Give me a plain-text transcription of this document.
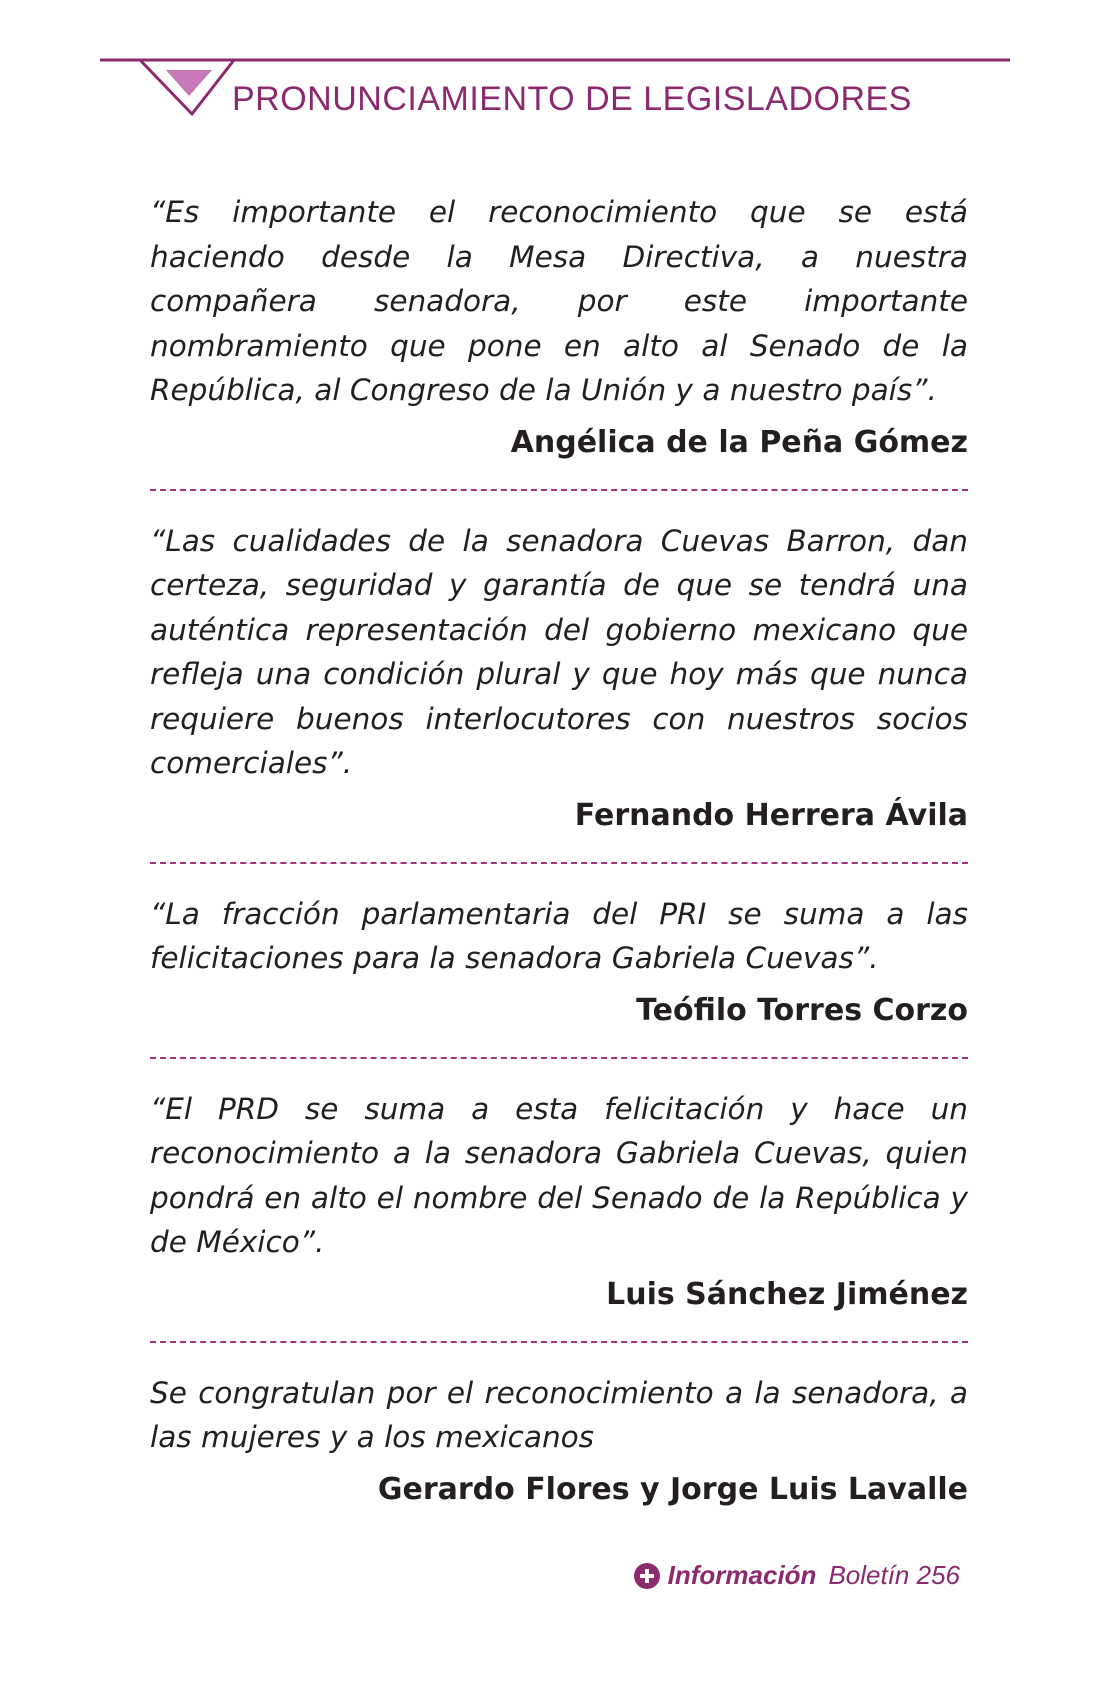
PRONUNCIAMIENTO DE LEGISLADORES

“Es importante el reconocimiento que se está haciendo desde la Mesa Directiva, a nuestra compañera senadora, por este importante nombramiento que pone en alto al Senado de la República, al Congreso de la Unión y a nuestro país”.

Angélica de la Peña Gómez

“Las cualidades de la senadora Cuevas Barron, dan certeza, seguridad y garantía de que se tendrá una auténtica representación del gobierno mexicano que refleja una condición plural y que hoy más que nunca requiere buenos interlocutores con nuestros socios comerciales”.

Fernando Herrera Ávila

“La fracción parlamentaria del PRI se suma a las felicitaciones para la senadora Gabriela Cuevas”.

Teófilo Torres Corzo

“El PRD se suma a esta felicitación y hace un reconocimiento a la senadora Gabriela Cuevas, quien pondrá en alto el nombre del Senado de la República y de México”.

Luis Sánchez Jiménez

Se congratulan por el reconocimiento a la senadora, a las mujeres y a los mexicanos

Gerardo Flores y Jorge Luis Lavalle

Información Boletín 256
